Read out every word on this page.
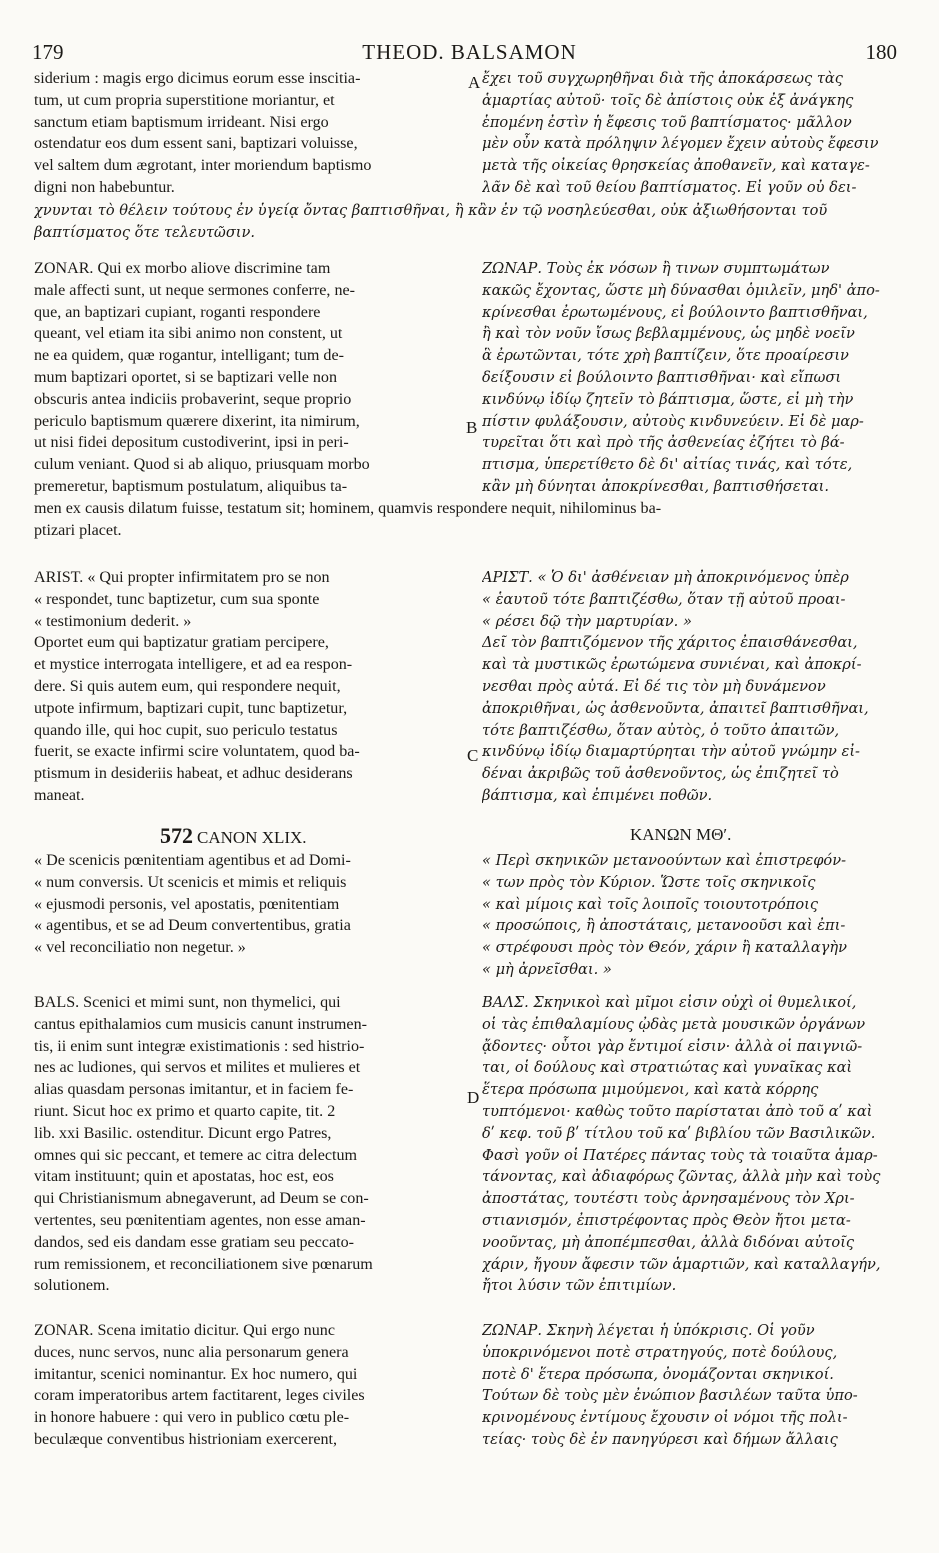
179	THEOD. BALSAMON	180
A
B
C
D
siderium : magis ergo dicimus eorum esse inscitia-
tum, ut cum propria superstitione moriantur, et
sanctum etiam baptismum irrideant. Nisi ergo
ostendatur eos dum essent sani, baptizari voluisse,
vel saltem dum ægrotant, inter moriendum baptismo
digni non habebuntur.
ἔχει τοῦ συγχωρηθῆναι διὰ τῆς ἀποκάρσεως τὰς
ἁμαρτίας αὐτοῦ· τοῖς δὲ ἀπίστοις οὐκ ἐξ ἀνάγκης
ἑπομένη ἐστὶν ἡ ἔφεσις τοῦ βαπτίσματος· μᾶλλον
μὲν οὖν κατὰ πρόληψιν λέγομεν ἔχειν αὐτοὺς ἔφεσιν
μετὰ τῆς οἰκείας θρησκείας ἀποθανεῖν, καὶ καταγε-
λᾶν δὲ καὶ τοῦ θείου βαπτίσματος. Εἰ γοῦν οὐ δει-
χνυνται τὸ θέλειν τούτους ἐν ὑγείᾳ ὄντας βαπτισθῆναι, ἢ κἂν ἐν τῷ νοσηλεύεσθαι, οὐκ ἀξιωθήσονται τοῦ
βαπτίσματος ὅτε τελευτῶσιν.
ZONAR. Qui ex morbo aliove discrimine tam
male affecti sunt, ut neque sermones conferre, ne-
que, an baptizari cupiant, roganti respondere
queant, vel etiam ita sibi animo non constent, ut
ne ea quidem, quæ rogantur, intelligant; tum de-
mum baptizari oportet, si se baptizari velle non
obscuris antea indiciis probaverint, seque proprio
periculo baptismum quærere dixerint, ita nimirum,
ut nisi fidei depositum custodiverint, ipsi in peri-
culum veniant. Quod si ab aliquo, priusquam morbo
premeretur, baptismum postulatum, aliquibus ta-
ΖΩΝΑΡ. Τοὺς ἐκ νόσων ἢ τινων συμπτωμάτων
κακῶς ἔχοντας, ὥστε μὴ δύνασθαι ὁμιλεῖν, μηδ' ἀπο-
κρίνεσθαι ἐρωτωμένους, εἰ βούλοιντο βαπτισθῆναι,
ἢ καὶ τὸν νοῦν ἴσως βεβλαμμένους, ὡς μηδὲ νοεῖν
ἃ ἐρωτῶνται, τότε χρὴ βαπτίζειν, ὅτε προαίρεσιν
δείξουσιν εἰ βούλοιντο βαπτισθῆναι· καὶ εἴπωσι
κινδύνῳ ἰδίῳ ζητεῖν τὸ βάπτισμα, ὥστε, εἰ μὴ τὴν
πίστιν φυλάξουσιν, αὐτοὺς κινδυνεύειν. Εἰ δὲ μαρ-
τυρεῖται ὅτι καὶ πρὸ τῆς ἀσθενείας ἐζήτει τὸ βά-
πτισμα, ὑπερετίθετο δὲ δι' αἰτίας τινάς, καὶ τότε,
κἂν μὴ δύνηται ἀποκρίνεσθαι, βαπτισθήσεται.
men ex causis dilatum fuisse, testatum sit; hominem, quamvis respondere nequit, nihilominus ba-
ptizari placet.
ARIST. « Qui propter infirmitatem pro se non
« respondet, tunc baptizetur, cum sua sponte
« testimonium dederit. »
Oportet eum qui baptizatur gratiam percipere,
et mystice interrogata intelligere, et ad ea respon-
dere. Si quis autem eum, qui respondere nequit,
utpote infirmum, baptizari cupit, tunc baptizetur,
quando ille, qui hoc cupit, suo periculo testatus
fuerit, se exacte infirmi scire voluntatem, quod ba-
ptismum in desideriis habeat, et adhuc desiderans
maneat.
ΑΡΙΣΤ. « Ὁ δι' ἀσθένειαν μὴ ἀποκρινόμενος ὑπὲρ
« ἑαυτοῦ τότε βαπτιζέσθω, ὅταν τῇ αὐτοῦ προαι-
« ρέσει δῷ τὴν μαρτυρίαν. »
Δεῖ τὸν βαπτιζόμενον τῆς χάριτος ἐπαισθάνεσθαι,
καὶ τὰ μυστικῶς ἐρωτώμενα συνιέναι, καὶ ἀποκρί-
νεσθαι πρὸς αὐτά. Εἰ δέ τις τὸν μὴ δυνάμενον
ἀποκριθῆναι, ὡς ἀσθενοῦντα, ἀπαιτεῖ βαπτισθῆναι,
τότε βαπτιζέσθω, ὅταν αὐτὸς, ὁ τοῦτο ἀπαιτῶν,
κινδύνῳ ἰδίῳ διαμαρτύρηται τὴν αὐτοῦ γνώμην εἰ-
δέναι ἀκριβῶς τοῦ ἀσθενοῦντος, ὡς ἐπιζητεῖ τὸ
βάπτισμα, καὶ ἐπιμένει ποθῶν.
572 CANON XLIX.	ΚΑΝΩΝ ΜΘʹ.
« De scenicis pœnitentiam agentibus et ad Domi-
« num conversis. Ut scenicis et mimis et reliquis
« ejusmodi personis, vel apostatis, pœnitentiam
« agentibus, et se ad Deum convertentibus, gratia
« vel reconciliatio non negetur. »
« Περὶ σκηνικῶν μετανοούντων καὶ ἐπιστρεφόν-
« των πρὸς τὸν Κύριον. Ὥστε τοῖς σκηνικοῖς
« καὶ μίμοις καὶ τοῖς λοιποῖς τοιουτοτρόποις
« προσώποις, ἢ ἀποστάταις, μετανοοῦσι καὶ ἐπι-
« στρέφουσι πρὸς τὸν Θεόν, χάριν ἢ καταλλαγὴν
« μὴ ἀρνεῖσθαι. »
BALS. Scenici et mimi sunt, non thymelici, qui
cantus epithalamios cum musicis canunt instrumen-
tis, ii enim sunt integræ existimationis : sed histrio-
nes ac ludiones, qui servos et milites et mulieres et
alias quasdam personas imitantur, et in faciem fe-
riunt. Sicut hoc ex primo et quarto capite, tit. 2
lib. xxi Basilic. ostenditur. Dicunt ergo Patres,
omnes qui sic peccant, et temere ac citra delectum
vitam instituunt; quin et apostatas, hoc est, eos
qui Christianismum abnegaverunt, ad Deum se con-
vertentes, seu pœnitentiam agentes, non esse aman-
dandos, sed eis dandam esse gratiam seu peccato-
rum remissionem, et reconciliationem sive pœnarum
solutionem.
ΒΑΛΣ. Σκηνικοὶ καὶ μῖμοι εἰσιν οὐχὶ οἱ θυμελικοί,
οἱ τὰς ἐπιθαλαμίους ᾠδὰς μετὰ μουσικῶν ὀργάνων
ᾄδοντες· οὗτοι γὰρ ἔντιμοί εἰσιν· ἀλλὰ οἱ παιγνιῶ-
ται, οἱ δούλους καὶ στρατιώτας καὶ γυναῖκας καὶ
ἕτερα πρόσωπα μιμούμενοι, καὶ κατὰ κόρρης
τυπτόμενοι· καθὼς τοῦτο παρίσταται ἀπὸ τοῦ αʹ καὶ
δʹ κεφ. τοῦ βʹ τίτλου τοῦ καʹ βιβλίου τῶν Βασιλικῶν.
Φασὶ γοῦν οἱ Πατέρες πάντας τοὺς τὰ τοιαῦτα ἁμαρ-
τάνοντας, καὶ ἀδιαφόρως ζῶντας, ἀλλὰ μὴν καὶ τοὺς
ἀποστάτας, τουτέστι τοὺς ἀρνησαμένους τὸν Χρι-
στιανισμόν, ἐπιστρέφοντας πρὸς Θεὸν ἤτοι μετα-
νοοῦντας, μὴ ἀποπέμπεσθαι, ἀλλὰ διδόναι αὐτοῖς
χάριν, ἤγουν ἄφεσιν τῶν ἁμαρτιῶν, καὶ καταλλαγήν,
ἤτοι λύσιν τῶν ἐπιτιμίων.
ZONAR. Scena imitatio dicitur. Qui ergo nunc
duces, nunc servos, nunc alia personarum genera
imitantur, scenici nominantur. Ex hoc numero, qui
coram imperatoribus artem factitarent, leges civiles
in honore habuere : qui vero in publico cœtu ple-
beculæque conventibus histrioniam exercerent,
ΖΩΝΑΡ. Σκηνὴ λέγεται ἡ ὑπόκρισις. Οἱ γοῦν
ὑποκρινόμενοι ποτὲ στρατηγούς, ποτὲ δούλους,
ποτὲ δ' ἕτερα πρόσωπα, ὀνομάζονται σκηνικοί.
Τούτων δὲ τοὺς μὲν ἐνώπιον βασιλέων ταῦτα ὑπο-
κρινομένους ἐντίμους ἔχουσιν οἱ νόμοι τῆς πολι-
τείας· τοὺς δὲ ἐν πανηγύρεσι καὶ δήμων ἄλλαις
